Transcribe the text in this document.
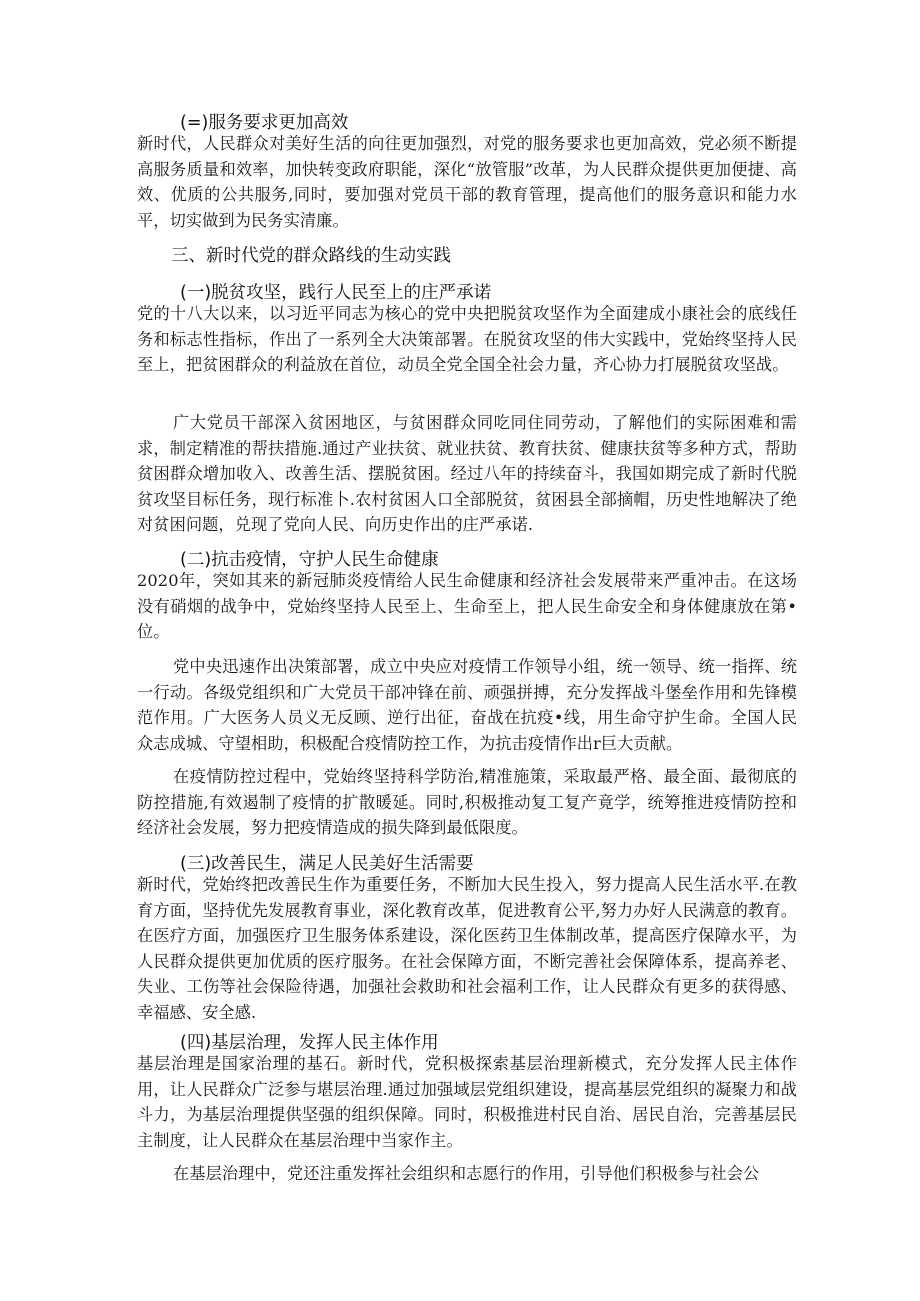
(=)服务要求更加高效

新时代，人民群众对美好生活的向往更加强烈，对党的服务要求也更加高效，党必须不断提高服务质量和效率，加快转变政府职能，深化“放管服”改革，为人民群众提供更加便捷、高效、优质的公共服务,同时，要加强对党员干部的教育管理，提高他们的服务意识和能力水平，切实做到为民务实清廉。

三、新时代党的群众路线的生动实践
(一)脱贫攻坚，践行人民至上的庄严承诺

党的十八大以来，以习近平同志为核心的党中央把脱贫攻坚作为全面建成小康社会的底线任务和标志性指标，作出了一系列全大决策部署。在脱贫攻坚的伟大实践中，党始终坚持人民至上，把贫困群众的利益放在首位，动员全党全国全社会力量，齐心协力打展脱贫攻坚战。

广大党员干部深入贫困地区，与贫困群众同吃同住同劳动，了解他们的实际困难和需求，制定精准的帮扶措施.通过产业扶贫、就业扶贫、教育扶贫、健康扶贫等多种方式，帮助贫困群众增加收入、改善生活、摆脱贫困。经过八年的持续奋斗，我国如期完成了新时代脱贫攻坚目标任务，现行标准卜.农村贫困人口全部脱贫，贫困县全部摘帽，历史性地解决了绝对贫困问题，兑现了党向人民、向历史作出的庄严承诺.

(二)抗击疫情，守护人民生命健康

2020年，突如其来的新冠肺炎疫情给人民生命健康和经济社会发展带来严重冲击。在这场没有硝烟的战争中，党始终坚持人民至上、生命至上，把人民生命安全和身体健康放在第•位。

党中央迅速作出决策部署，成立中央应对疫情工作领导小组，统一领导、统一指挥、统一行动。各级党组织和广大党员干部冲锋在前、顽强拼搏，充分发挥战斗堡垒作用和先锋模范作用。广大医务人员义无反顾、逆行出征，奋战在抗疫•线，用生命守护生命。全国人民众志成城、守望相助，积极配合疫情防控工作，为抗击疫情作出r巨大贡献。

在疫情防控过程中，党始终坚持科学防治,精准施策，采取最严格、最全面、最彻底的防控措施,有效遏制了疫情的扩散暖延。同时,积极推动复工复产竟学，统筹推进疫情防控和经济社会发展，努力把疫情造成的损失降到最低限度。

(三)改善民生，满足人民美好生活需要

新时代，党始终把改善民生作为重要任务，不断加大民生投入，努力提高人民生活水平.在教育方面，坚持优先发展教育事业，深化教育改革，促进教育公平,努力办好人民满意的教育。在医疗方面，加强医疗卫生服务体系建设，深化医药卫生体制改革，提高医疗保障水平，为人民群众提供更加优质的医疗服务。在社会保障方面，不断完善社会保障体系，提高养老、失业、工伤等社会保险待遇，加强社会救助和社会福利工作，让人民群众有更多的获得感、幸福感、安全感.

(四)基层治理，发挥人民主体作用

基层治理是国家治理的基石。新时代，党积极探索基层治理新模式，充分发挥人民主体作用，让人民群众广泛参与堪层治理.通过加强域层党组织建设，提高基层党组织的凝聚力和战斗力，为基层治理提供坚强的组织保障。同时，积极推进村民自治、居民自治，完善基层民主制度，让人民群众在基层治理中当家作主。

在基层治理中，党还注重发挥社会组织和志愿行的作用，引导他们积极参与社会公
